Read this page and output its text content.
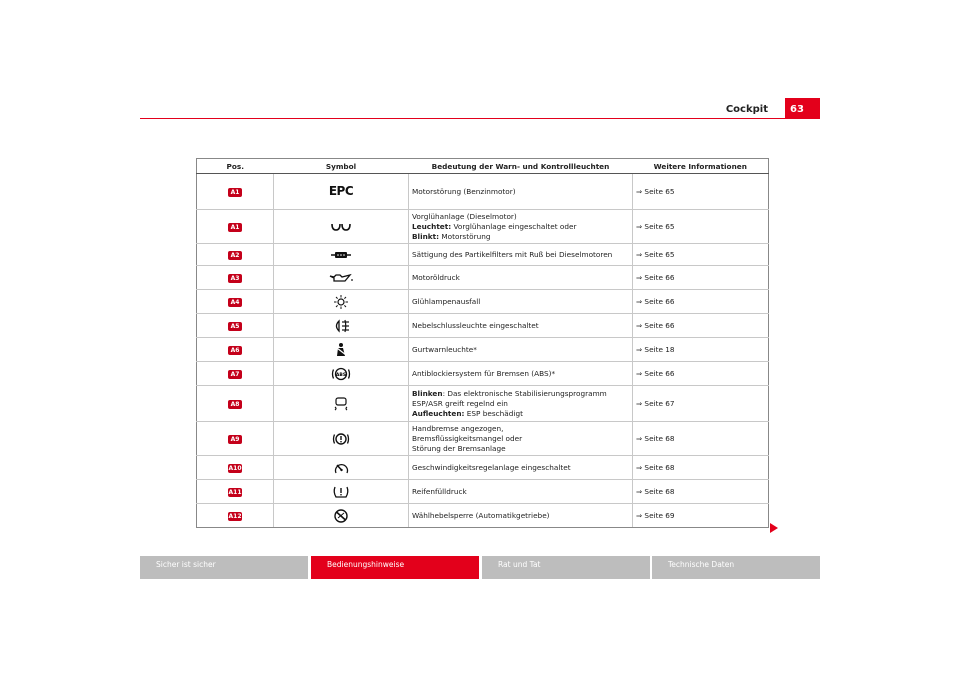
Cockpit	63
Pos.	Symbol	Bedeutung der Warn- und Kontrollleuchten	Weitere Informationen
A1	EPC	Motorstörung (Benzinmotor)	⇒ Seite 65
A1		Vorglühanlage (Dieselmotor)
Leuchtet: Vorglühanlage eingeschaltet oder
Blinkt: Motorstörung	⇒ Seite 65
A2		Sättigung des Partikelfilters mit Ruß bei Dieselmotoren	⇒ Seite 65
A3		Motoröldruck	⇒ Seite 66
A4		Glühlampenausfall	⇒ Seite 66
A5		Nebelschlussleuchte eingeschaltet	⇒ Seite 66
A6		Gurtwarnleuchte*	⇒ Seite 18
A7	ABS	Antiblockiersystem für Bremsen (ABS)*	⇒ Seite 66
A8		Blinken: Das elektronische Stabilisierungsprogramm
ESP/ASR greift regelnd ein
Aufleuchten: ESP beschädigt	⇒ Seite 67
A9		Handbremse angezogen,
Bremsflüssigkeitsmangel oder
Störung der Bremsanlage	⇒ Seite 68
A10		Geschwindigkeitsregelanlage eingeschaltet	⇒ Seite 68
A11		Reifenfülldruck	⇒ Seite 68
A12		Wählhebelsperre (Automatikgetriebe)	⇒ Seite 69
Sicher ist sicher	Bedienungshinweise	Rat und Tat	Technische Daten
